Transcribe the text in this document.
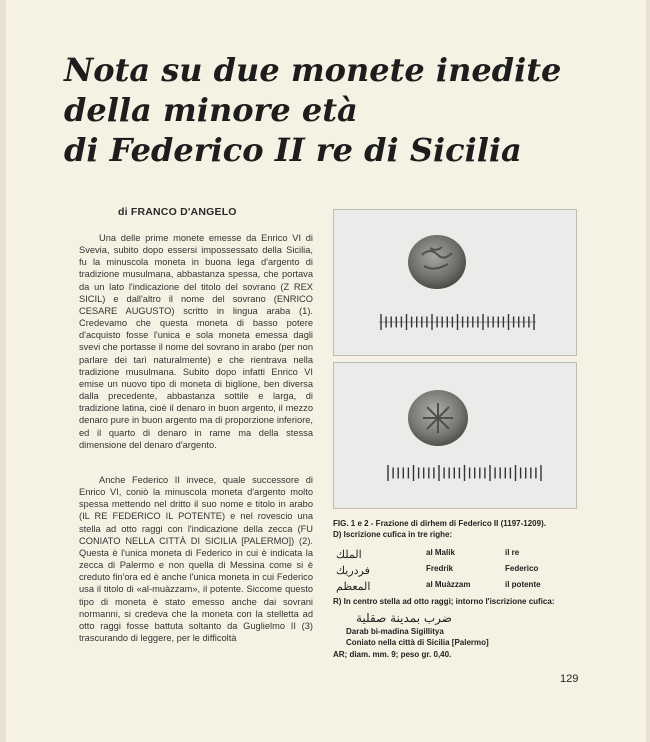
Nota su due monete inedite
della minore età
di Federico II re di Sicilia
di FRANCO D'ANGELO

Una delle prime monete emesse da Enrico VI di Svevia, subito dopo essersi impossessato della Sicilia, fu la minuscola moneta in buona lega d'argento di tradizione musulmana, abbastanza spessa, che portava da un lato l'indicazione del titolo del sovrano (Z REX SICIL) e dall'altro il nome del sovrano (ENRICO CESARE AUGUSTO) scritto in lingua araba (1). Credevamo che questa moneta di basso potere d'acquisto fosse l'unica e sola moneta emessa dagli svevi che portasse il nome del sovrano in arabo (per non parlare dei tarì naturalmente) e che rientrava nella tradizione musulmana. Subito dopo infatti Enrico VI emise un nuovo tipo di moneta di biglione, ben diversa dalla precedente, abbastanza sottile e larga, di tradizione latina, cioè il denaro in buon argento, il mezzo denaro pure in buon argento ma di proporzione inferiore, ed il quarto di denaro in rame ma della stessa dimensione del denaro d'argento.

Anche Federico II invece, quale successore di Enrico VI, coniò la minuscola moneta d'argento molto spessa mettendo nel dritto il suo nome e titolo in arabo (IL RE FEDERICO IL POTENTE) e nel rovescio una stella ad otto raggi con l'indicazione della zecca (FU CONIATO NELLA CITTÀ DI SICILIA [PALERMO]) (2). Questa è l'unica moneta di Federico in cui è indicata la zecca di Palermo e non quella di Messina come si è creduto fin'ora ed è anche l'unica moneta in cui Federico usa il titolo di «al-muàzzam», il potente. Siccome questo tipo di moneta è stato emesso anche dai sovrani normanni, si credeva che la moneta con la stelletta ad otto raggi fosse battuta soltanto da Guglielmo II (3) trascurando di leggere, per le difficoltà

FIG. 1 e 2 - Frazione di dirhem di Federico II (1197-1209).
D) Iscrizione cufica in tre righe:
الملك	al Malik	il re
فردريك	Fredrik	Federico
المعظم	al Muàzzam	il potente
R) In centro stella ad otto raggi; intorno l'iscrizione cufica:
ضرب بمدينة صقلية
Darab bi-madina Sigillitya
Coniato nella città di Sicilia [Palermo]
AR; diam. mm. 9; peso gr. 0,40.
129
